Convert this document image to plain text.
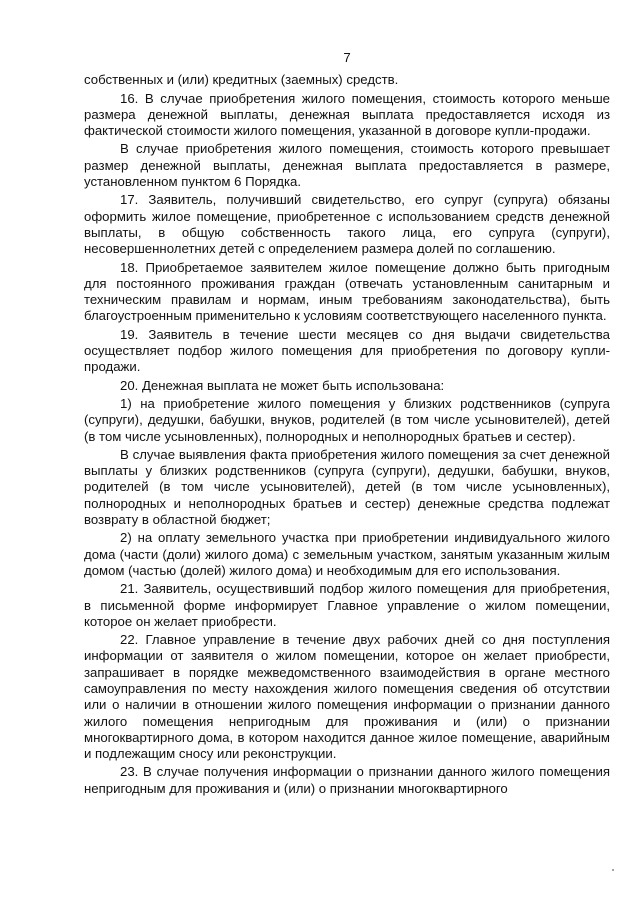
7

собственных и (или) кредитных (заемных) средств.

16. В случае приобретения жилого помещения, стоимость которого меньше размера денежной выплаты, денежная выплата предоставляется исходя из фактической стоимости жилого помещения, указанной в договоре купли-продажи.

В случае приобретения жилого помещения, стоимость которого превышает размер денежной выплаты, денежная выплата предоставляется в размере, установленном пунктом 6 Порядка.

17. Заявитель, получивший свидетельство, его супруг (супруга) обязаны оформить жилое помещение, приобретенное с использованием средств денежной выплаты, в общую собственность такого лица, его супруга (супруги), несовершеннолетних детей с определением размера долей по соглашению.

18. Приобретаемое заявителем жилое помещение должно быть пригодным для постоянного проживания граждан (отвечать установленным санитарным и техническим правилам и нормам, иным требованиям законодательства), быть благоустроенным применительно к условиям соответствующего населенного пункта.

19. Заявитель в течение шести месяцев со дня выдачи свидетельства осуществляет подбор жилого помещения для приобретения по договору купли-продажи.

20. Денежная выплата не может быть использована:

1) на приобретение жилого помещения у близких родственников (супруга (супруги), дедушки, бабушки, внуков, родителей (в том числе усыновителей), детей (в том числе усыновленных), полнородных и неполнородных братьев и сестер).

В случае выявления факта приобретения жилого помещения за счет денежной выплаты у близких родственников (супруга (супруги), дедушки, бабушки, внуков, родителей (в том числе усыновителей), детей (в том числе усыновленных), полнородных и неполнородных братьев и сестер) денежные средства подлежат возврату в областной бюджет;

2) на оплату земельного участка при приобретении индивидуального жилого дома (части (доли) жилого дома) с земельным участком, занятым указанным жилым домом (частью (долей) жилого дома) и необходимым для его использования.

21. Заявитель, осуществивший подбор жилого помещения для приобретения, в письменной форме информирует Главное управление о жилом помещении, которое он желает приобрести.

22. Главное управление в течение двух рабочих дней со дня поступления информации от заявителя о жилом помещении, которое он желает приобрести, запрашивает в порядке межведомственного взаимодействия в органе местного самоуправления по месту нахождения жилого помещения сведения об отсутствии или о наличии в отношении жилого помещения информации о признании данного жилого помещения непригодным для проживания и (или) о признании многоквартирного дома, в котором находится данное жилое помещение, аварийным и подлежащим сносу или реконструкции.

23. В случае получения информации о признании данного жилого помещения непригодным для проживания и (или) о признании многоквартирного
